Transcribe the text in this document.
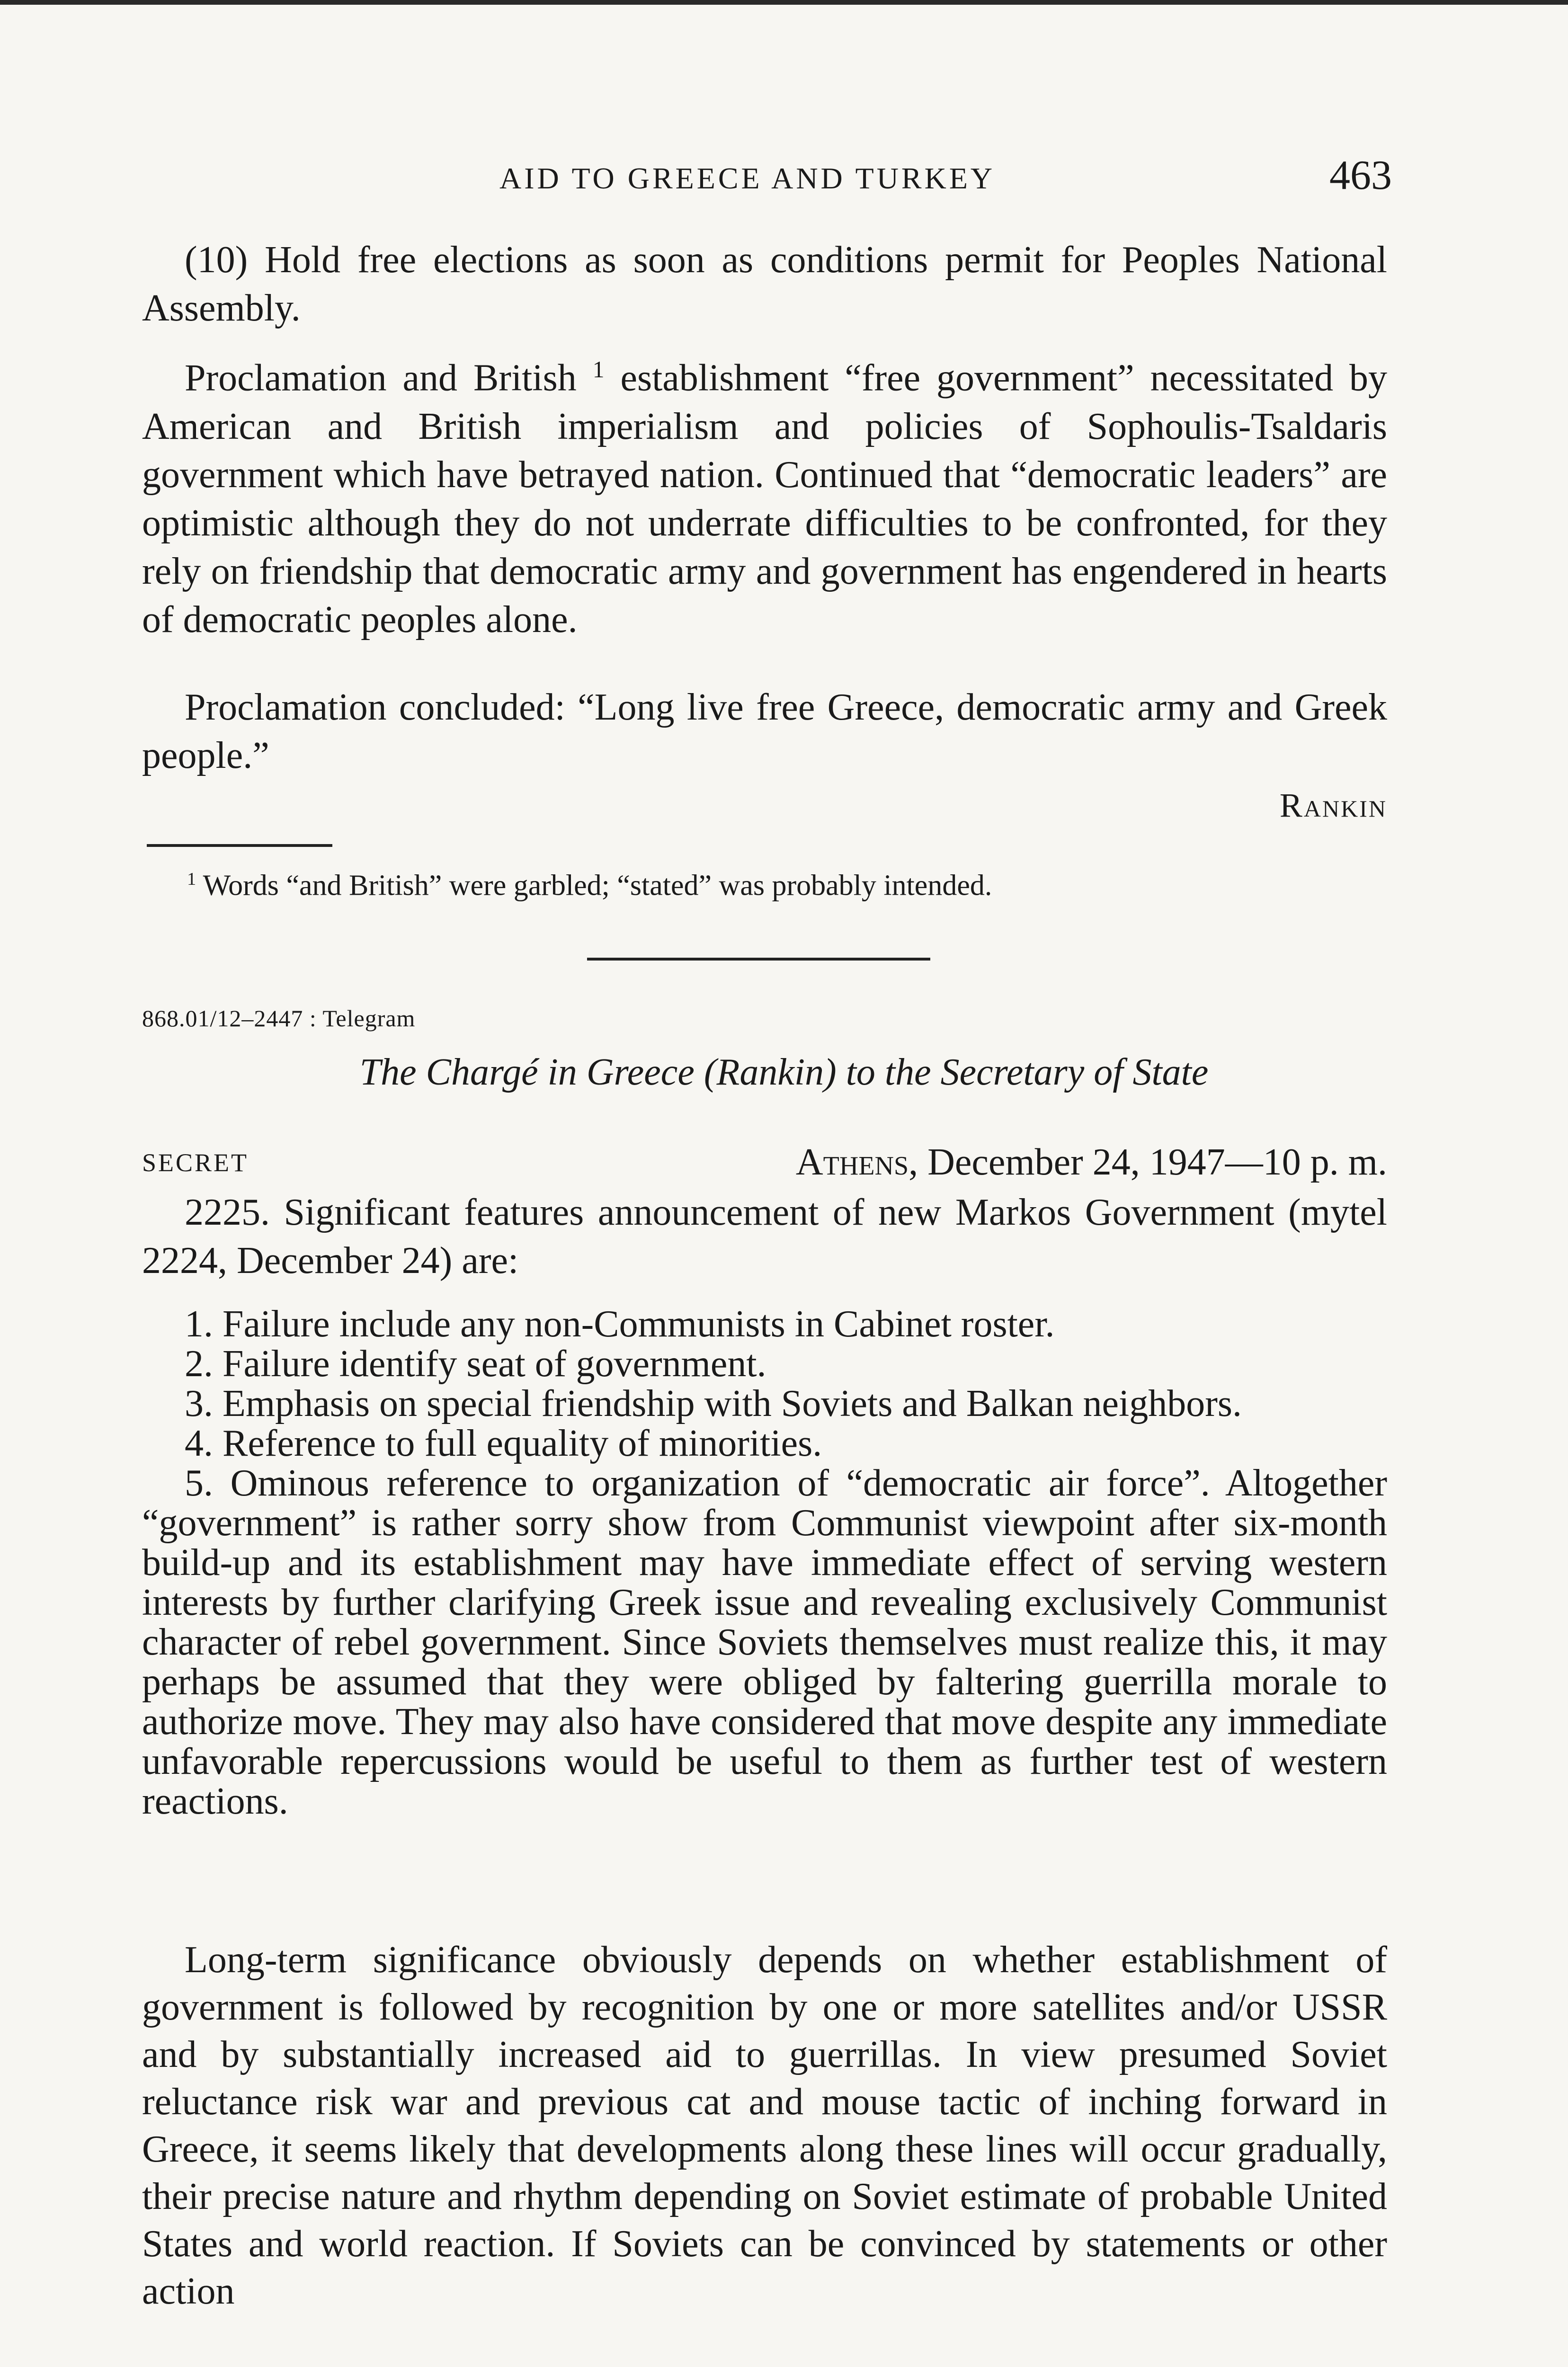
AID TO GREECE AND TURKEY	463

(10) Hold free elections as soon as conditions permit for Peoples National Assembly.

Proclamation and British $^1$ establishment “free government” necessitated by American and British imperialism and policies of Sophoulis-Tsaldaris government which have betrayed nation. Continued that “democratic leaders” are optimistic although they do not underrate difficulties to be confronted, for they rely on friendship that democratic army and government has engendered in hearts of democratic peoples alone.

Proclamation concluded: “Long live free Greece, democratic army and Greek people.”

Rankin
$^1$ Words “and British” were garbled; “stated” was probably intended.
868.01/12–2447 : Telegram
The Chargé in Greece (Rankin) to the Secretary of State
SECRET	Athens, December 24, 1947—10 p. m.

2225. Significant features announcement of new Markos Government (mytel 2224, December 24) are:

1. Failure include any non-Communists in Cabinet roster.

2. Failure identify seat of government.

3. Emphasis on special friendship with Soviets and Balkan neighbors.

4. Reference to full equality of minorities.

5. Ominous reference to organization of “democratic air force”. Altogether “government” is rather sorry show from Communist viewpoint after six-month build-up and its establishment may have immediate effect of serving western interests by further clarifying Greek issue and revealing exclusively Communist character of rebel government. Since Soviets themselves must realize this, it may perhaps be assumed that they were obliged by faltering guerrilla morale to authorize move. They may also have considered that move despite any immediate unfavorable repercussions would be useful to them as further test of western reactions.

Long-term significance obviously depends on whether establishment of government is followed by recognition by one or more satellites and/or USSR and by substantially increased aid to guerrillas. In view presumed Soviet reluctance risk war and previous cat and mouse tactic of inching forward in Greece, it seems likely that developments along these lines will occur gradually, their precise nature and rhythm depending on Soviet estimate of probable United States and world reaction. If Soviets can be convinced by statements or other action
